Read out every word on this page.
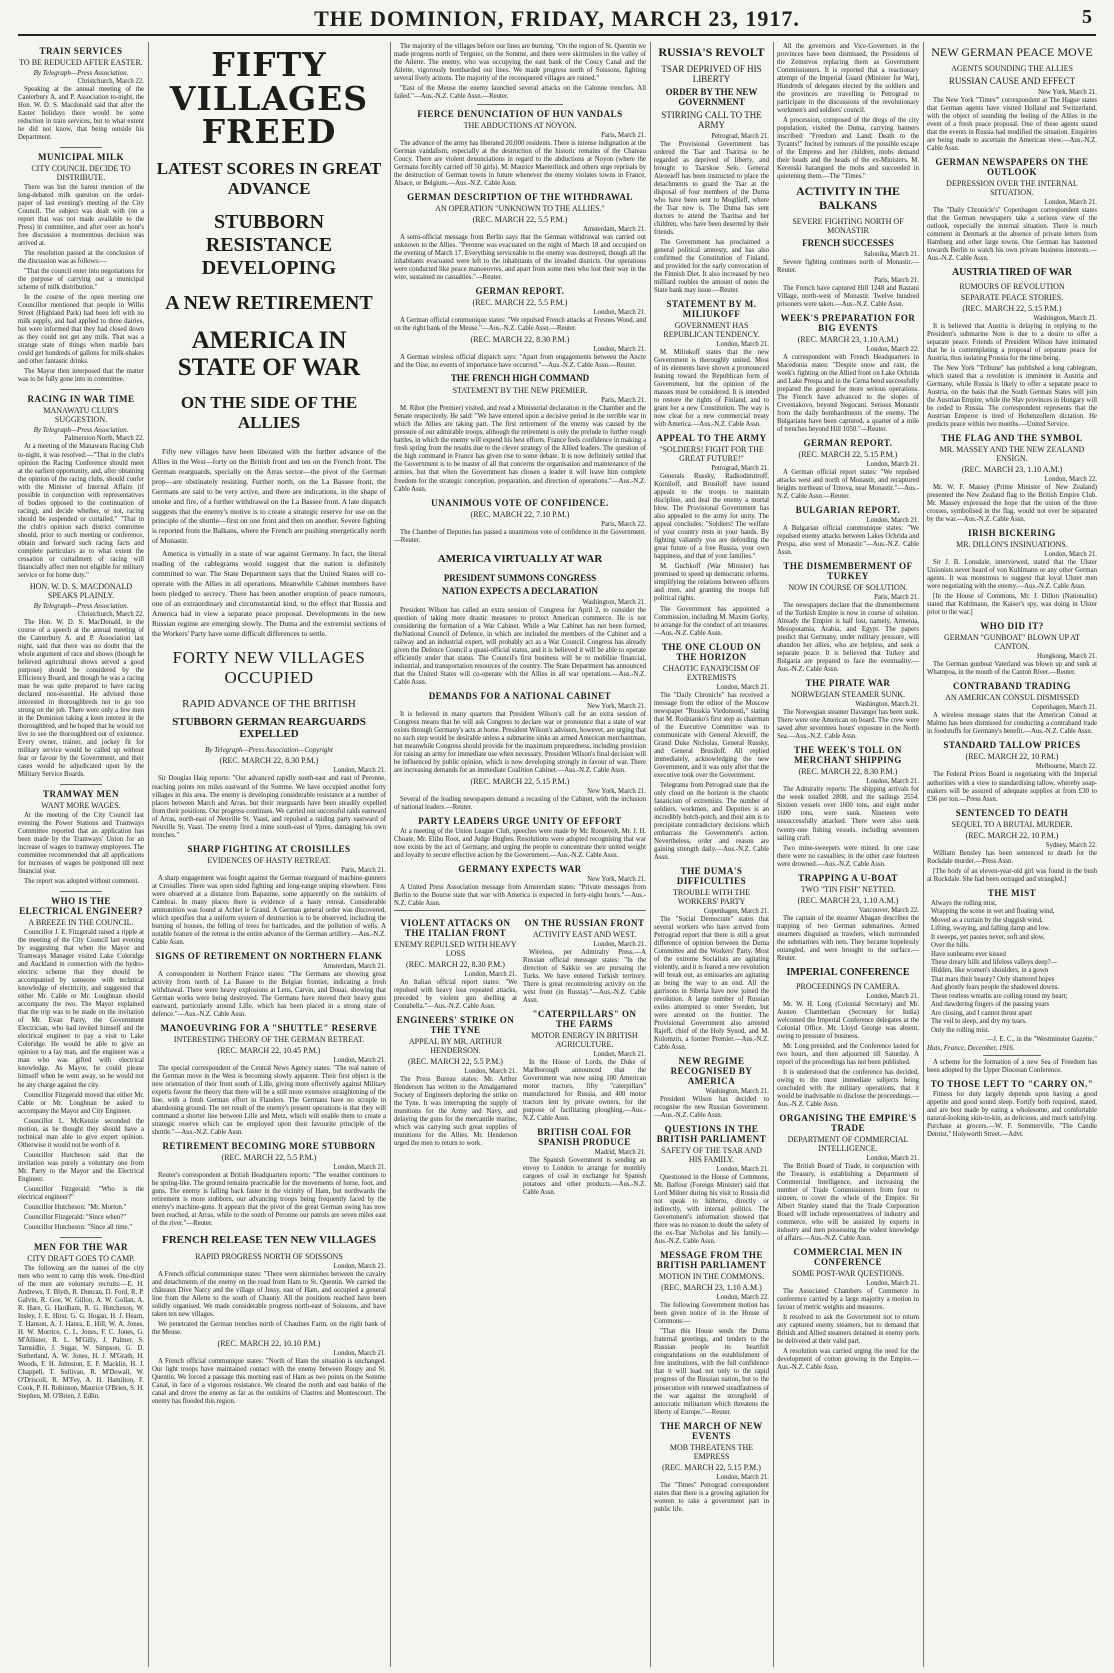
THE DOMINION, FRIDAY, MARCH 23, 1917.	5
TRAIN SERVICES
TO BE REDUCED AFTER EASTER.
By Telegraph—Press Association.
Christchurch, March 22.
Speaking at the annual meeting of the Canterbury A. and P. Association to-night, the Hon. W. D. S. Macdonald said that after the Easter holidays there would be some reduction in train services, but to what extent he did not know, that being outside his Department.
MUNICIPAL MILK
CITY COUNCIL DECIDE TO DISTRIBUTE.
There was but the barest mention of the long-debated milk question on the order-paper of last evening's meeting of the City Council. The subject was dealt with (on a report that was not made available to the Press) in committee, and after over an hour's free discussion a momentous decision was arrived at.
The resolution passed at the conclusion of the discussion was as follows:—
"That the council enter into negotiations for the purpose of carrying out a municipal scheme of milk distribution."
In the course of the open meeting one Councillor mentioned that people in Willis Street (Highland Park) had been left with no milk supply, and had applied to three dairies, but were informed that they had closed down as they could not get any milk. That was a strange state of things when marble bars could get hundreds of gallons for milk-shakes and other fantastic drinks.
The Mayor then interposed that the matter was to be fully gone into in committee.
RACING IN WAR TIME
MANAWATU CLUB'S SUGGESTION.
By Telegraph—Press Association.
Palmerston North, March 22.
At a meeting of the Manawatu Racing Club to-night, it was resolved:—"That in the club's opinion the Racing Conference should meet at the earliest opportunity, and, after obtaining the opinion of the racing clubs, should confer with the Minister of Internal Affairs (if possible in conjunction with representatives of bodies opposed to the continuation of racing), and decide whether, or not, racing should be suspended or curtailed." "That in the club's opinion each district committee should, prior to such meeting or conference, obtain and forward such racing facts and complete particulars as to what extent the cessation or curtailment of racing will financially affect men not eligible for military service or for home duty."
HON. W. D. S. MACDONALD SPEAKS PLAINLY.
By Telegraph—Press Association.
Christchurch, March 22.
The Hon. W. D. S. MacDonald, in the course of a speech at the annual meeting of the Canterbury A. and P. Association last night, said that there was no doubt that the whole argument of race and shows (though he believed agricultural shows served a good purpose) should be considered by the Efficiency Board, and though he was a racing man he was quite prepared to have racing declared non-essential. He advised those interested in thoroughbreds not to go too strong on the job. There were only a few men in the Dominion taking a keen interest in the thoroughbred, and he hoped that he would not live to see the thoroughbred out of existence. Every owner, trainer, and jockey fit for military service would be called up without fear or favour by the Government, and their cases would be adjudicated upon by the Military Service Boards.
TRAMWAY MEN
WANT MORE WAGES.
At the meeting of the City Council last evening the Power Stations and Tramways Committee reported that an application has been made by the Tramways' Union for an increase of wages to tramway employees. The committee recommended that all applications for increases of wages be postponed till next financial year.
The report was adopted without comment.
WHO IS THE ELECTRICAL ENGINEER?
A BREEZE IN THE COUNCIL.
Councillor J. E. Fitzgerald raised a ripple at the meeting of the City Council last evening by suggesting that when the Mayor and Tramways Manager visited Lake Coleridge and Auckland in connection with the hydro-electric scheme that they should be accompanied by someone with technical knowledge of electricity, and suggested that either Mr. Cable or Mr. Loughnan should accompany the two. The Mayor explained that the trip was to be made on the invitation of Mr. Evan Parry, the Government Electrician, who had invited himself and the electrical engineer to pay a visit to Lake Coleridge. He would be able to give an opinion to a lay man, and the engineer was a man who was gifted with electrical knowledge. As Mayor, he could please himself when he went away, so he would not be any charge against the city.
Councillor Fitzgerald moved that either Mr. Cable or Mr. Loughnan be asked to accompany the Mayor and City Engineer.
Councillor L. McKenzie seconded the motion, as he thought they should have a technical man able to give expert opinion. Otherwise it would not be worth of it.
Councillor Hutcheson said that the invitation was purely a voluntary one from Mr. Parry to the Mayor and the Electrical Engineer.
Councillor Fitzgerald: "Who is the electrical engineer?"
Councillor Hutcheson: "Mr. Morton."
Councillor Fitzgerald: "Since when?"
Councillor Hutcheson: "Since all time."
MEN FOR THE WAR
CITY DRAFT GOES TO CAMP.
The following are the names of the city men who went to camp this week. One-third of the men are voluntary recruits:—E. H. Andrews, T. Blyth, R. Duncan, D. Ford, R. P. Galvin, R. Goe, W. Gillon, A. W. Gollan, A. R. Hare, G. Hardham, R. G. Hutcheson, W. Insley, J. E. Hirst, G. G. Hogan, H. J. Hearn, T. Hanson, A. J. Hanra, E. Hill, W. A. Jones, H. W. Morrice, C. L. Jones, F. C. Jones, G. M'Allister, R. L. M'Gilly, J. Palmer, S. Tamsidlie, J. Sugar, W. Simpson, G. D. Sutherland, A. W. Jones, H. J. M'Grath, H. Woods, F. H. Johnston, E. F. Macklin, H. J. Chappell, T. Sullivan, R. M'Dowall, W. O'Driscoll, R. M'Fey, A. H. Hamilton, F. Cook, P. H. Robinson, Maurice O'Brien, S. H. Stephen, M. O'Brien, J. Edlin.
FIFTY VILLAGES FREED
LATEST SCORES IN GREAT ADVANCE
STUBBORN RESISTANCE DEVELOPING
A NEW RETIREMENT
AMERICA IN STATE OF WAR
ON THE SIDE OF THE ALLIES
Fifty new villages have been liberated with the further advance of the Allies in the West—forty on the British front and ten on the French front. The German rearguards, specially on the Arras sector—the pivot of the German prop—are obstinately resisting. Further north, on the La Bassee front, the Germans are said to be very active, and there are indications, in the shape of smoke and fire, of a further withdrawal on the La Bassee front. A late dispatch suggests that the enemy's motive is to create a strategic reserve for use on the principle of the shuttle—first on one front and then on another. Severe fighting is reported from the Balkans, where the French are pushing energetically north of Monastir.
America is virtually in a state of war against Germany. In fact, the literal reading of the cablegrams would suggest that the nation is definitely committed to war. The State Department says that the United States will co-operate with the Allies in all operations. Meanwhile Cabinet members have been pledged to secrecy. There has been another eruption of peace rumours, one of an extraordinary and circumstantial kind, to the effect that Russia and America had in view a separate peace proposal. Developments in the new Russian regime are emerging slowly. The Duma and the extremist sections of the Workers' Party have some difficult differences to settle.
FORTY NEW VILLAGES OCCUPIED
RAPID ADVANCE OF THE BRITISH
STUBBORN GERMAN REARGUARDS EXPELLED
By Telegraph—Press Association—Copyright
(REC. MARCH 22, 8.30 P.M.)
London, March 21.
Sir Douglas Haig reports: "Our advanced rapidly south-east and east of Peronne, reaching points ten miles eastward of the Somme. We have occupied another forty villages in this area. The enemy is developing considerable resistance at a number of places between March and Arras, but their rearguards have been steadily expelled from their positions. Our progress continues. We carried out successful raids eastward of Arras, north-east of Neuville St. Vaast, and repulsed a raiding party eastward of Neuville St. Vaast. The enemy fired a mine south-east of Ypres, damaging his own trenches."
SHARP FIGHTING AT CROISILLES
EVIDENCES OF HASTY RETREAT.
Paris, March 21.
A sharp engagement was fought against the German rearguard of machine-gunners at Croisilles. There was open sided fighting and long-range sniping elsewhere. Fires were observed at a distance from Bapaume, some apparently on the outskirts of Cambrai. In many places there is evidence of a hasty retreat. Considerable ammunition was found at Achiet le Grand. A German general order was discovered, which specifies that a uniform system of destruction is to be observed, including the burning of houses, the felling of trees for barricades, and the pollution of wells. A notable feature of the retreat is the entire advance of the German artillery.—Aus.-N.Z. Cable Assn.
SIGNS OF RETIREMENT ON NORTHERN FLANK
Amsterdam, March 21.
A correspondent in Northern France states: "The Germans are showing great activity from north of La Bassee to the Belgian frontier, indicating a fresh withdrawal. There were heavy explosions at Lens, Carvin, and Douai, showing that German works were being destroyed. The Germans have moved their heavy guns eastward, particularly around Lille, which has been placed in a strong state of defence."—Aus.-N.Z. Cable Assn.
MANOEUVRING FOR A "SHUTTLE" RESERVE
INTERESTING THEORY OF THE GERMAN RETREAT.
(REC. MARCH 22, 10.45 P.M.)
London, March 21.
The special correspondent of the Central News Agency states: "The real nature of the German move in the West is becoming slowly apparent. Their first object is the new orientation of their front south of Lille, giving more effectively against Military experts favour the theory that there will be a still more extensive straightening of the line, with a fresh German effort in Flanders. The Germans have no scruple in abandoning ground. The net result of the enemy's present operations is that they will command a shorter line between Lille and Metz, which will enable them to create a strategic reserve which can be employed upon their favourite principle of the shuttle."—Aus.-N.Z. Cable Assn.
RETIREMENT BECOMING MORE STUBBORN
(REC. MARCH 22, 5.5 P.M.)
London, March 21.
Reuter's correspondent at British Headquarters reports: "The weather continues to be spring-like. The ground remains practicable for the movements of horse, foot, and guns. The enemy is falling back faster in the vicinity of Ham, but northwards the retirement is more stubborn, our advancing troops being frequently faced by the enemy's machine-guns. It appears that the pivot of the great German swing has now been reached, at Arras, while to the south of Peronne our patrols are seven miles east of the river."—Reuter.
FRENCH RELEASE TEN NEW VILLAGES
RAPID PROGRESS NORTH OF SOISSONS
London, March 21.
A French official communique states: "There were skirmishes between the cavalry and detachments of the enemy on the road from Ham to St. Quentin. We carried the châteaux Dive Narcy and the village of Jussy, east of Ham, and occupied a general line from the Ailette to the south of Chauny. All the positions reached have been solidly organised. We made considerable progress north-east of Soissons, and have taken ten new villages.
We penetrated the German trenches north of Chaulnes Farm, on the right bank of the Meuse.
(REC. MARCH 22, 10.10 P.M.)
London, March 21.
A French official communique states: "North of Ham the situation is unchanged. Our light troops have maintained contact with the enemy between Roupy and St. Quentin. We forced a passage this morning east of Ham as two points on the Somme Canal, in face of a vigorous resistance. We cleared the north and east banks of the canal and drove the enemy as far as the outskirts of Clastres and Montescourt. The enemy has flooded this region.
The majority of the villages before our lines are burning. "On the region of St. Quentin we made progress north of Tergnier, on the Somme, and there were skirmishes in the valley of the Ailette. The enemy, who was occupying the east bank of the Coucy Canal and the Ailette, vigorously bombarded our lines. We made progress north of Soissons, fighting several lively actions. The majority of the reconquered villages are ruined."
"East of the Meuse the enemy launched several attacks on the Calonne trenches. All failed."—Aus.-N.Z. Cable Assn.—Reuter.
FIERCE DENUNCIATION OF HUN VANDALS
THE ABDUCTIONS AT NOYON.
Paris, March 21.
The advance of the army has liberated 20,000 residents. There is intense indignation at the German vandalism, especially at the destruction of the historic remains of the Chateau Coucy. There are violent denunciations in regard to the abductions at Noyon (where the Germans forcibly carried off 50 girls). M. Maurice Maeterlinck and others urge reprisals by the destruction of German towns in future whenever the enemy violates towns in France, Alsace, or Belgium.—Aus.-N.Z. Cable Assn.
GERMAN DESCRIPTION OF THE WITHDRAWAL
AN OPERATION "UNKNOWN TO THE ALLIES."
(REC. MARCH 22, 5.5 P.M.)
Amsterdam, March 21.
A semi-official message from Berlin says that the German withdrawal was carried out unknown to the Allies. "Peronne was evacuated on the night of March 18 and occupied on the evening of March 17. Everything serviceable to the enemy was destroyed, though all the inhabitants evacuated were left to the inhabitants of the invaded districts. Our operations were conducted like peace manoeuvres, and apart from some men who lost their way in the wire, sustained no casualties."—Reuter.
GERMAN REPORT.
(REC. MARCH 22, 5.5 P.M.)
London, March 21.
A German official communique states: "We repulsed French attacks at Fresnes Wood, and on the right bank of the Meuse."—Aus.-N.Z. Cable Assn.—Reuter.
(REC. MARCH 22, 8.30 P.M.)
London, March 21.
A German wireless official dispatch says: "Apart from engagements between the Ancre and the Oise, no events of importance have occurred."—Aus.-N.Z. Cable Assn.—Reuter.
THE FRENCH HIGH COMMAND
STATEMENT BY THE NEW PREMIER.
Paris, March 21.
M. Ribot (the Premier) visited, and read a Ministerial declaration in the Chamber and the Senate respectively. He said: "We have entered upon a decisive period in the terrible war in which the Allies are taking part. The first retirement of the enemy was caused by the pressure of our admirable troops, although the retirement is only the prelude to further rough battles, in which the enemy will expend his best efforts. France feels confidence in making a fresh spring from the results due to the clever strategy of the Allied leaders. The question of the high command in France has given rise to some debate. It is now definitely settled that the Government is to be master of all that concerns the organisation and maintenance of the armies, but that when the Government has chosen a leader it will leave him complete freedom for the strategic conception, preparation, and direction of operations."—Aus.-N.Z. Cable Assn.
UNANIMOUS VOTE OF CONFIDENCE.
(REC. MARCH 22, 7.10 P.M.)
Paris, March 22.
The Chamber of Deputies has passed a unanimous vote of confidence in the Government.—Reuter.
AMERICA VIRTUALLY AT WAR
PRESIDENT SUMMONS CONGRESS
NATION EXPECTS A DECLARATION
Washington, March 21.
President Wilson has called an extra session of Congress for April 2, to consider the question of taking more drastic measures to protect American commerce. He is not considering the formation of a War Cabinet. While a War Cabinet has not been formed, theNational Council of Defence, in which are included the members of the Cabinet and a railway and an industrial expert, will probably act as a War Council. Congress has already given the Defence Council a quasi-official status, and it is believed it will be able to operate efficiently under that status. The Council's first business will be to mobilise financial, industrial, and transportation resources of the country. The State Department has announced that the United States will co-operate with the Allies in all war operations.—Aus.-N.Z. Cable Assn.
DEMANDS FOR A NATIONAL CABINET
New York, March 21.
It is believed in many quarters that President Wilson's call for an extra session of Congress means that he will ask Congress to declare war or pronounce that a state of war exists through Germany's acts at home. President Wilson's advisers, however, are urging that no such step would be desirable unless a submarine sinks an armed American merchantman, but meanwhile Congress should provide for the maximum preparedness, including provision for raising an army for immediate use when necessary. President Wilson's final decision will be influenced by public opinion, which is now developing strongly in favour of war. There are increasing demands for an immediate Coalition Cabinet.—Aus.-N.Z. Cable Assn.
(REC. MARCH 22, 5.15 P.M.)
New York, March 21.
Several of the leading newspapers demand a recasting of the Cabinet, with the inclusion of national leaders.—Reuter.
PARTY LEADERS URGE UNITY OF EFFORT
At a meeting of the Union League Club, speeches were made by Mr. Roosevelt, Mr. J. H. Choate, Mr. Elihu Root, and Judge Hughes. Resolutions were adopted recognising that war now exists by the act of Germany, and urging the people to concentrate their united weight and loyalty to secure effective action by the Government.—Aus.-N.Z. Cable Assn.
GERMANY EXPECTS WAR
New York, March 21.
A United Press Association message from Amsterdam states: "Private messages from Berlin to the Bourse state that war with America is expected in forty-eight hours."—Aus.-N.Z. Cable Assn.
VIOLENT ATTACKS ON THE ITALIAN FRONT
ENEMY REPULSED WITH HEAVY LOSS
(REC. MARCH 22, 8.30 P.M.)
London, March 21.
An Italian official report states: "We repulsed with heavy loss repeated attacks, preceded by violent gun shelling at Costabella."—Aus.-N.Z. Cable Assn.
ENGINEERS' STRIKE ON THE TYNE
APPEAL BY MR. ARTHUR HENDERSON.
(REC. MARCH 22, 5.5 P.M.)
London, March 21.
The Press Bureau states: Mr. Arthur Henderson has written to the Amalgamated Society of Engineers deploring the strike on the Tyne. It was interrupting the supply of munitions for the Army and Navy, and delaying the guns for the mercantile marine, which was carrying such great supplies of munitions for the Allies. Mr. Henderson urged the men to return to work.
ON THE RUSSIAN FRONT
ACTIVITY EAST AND WEST.
London, March 21.
Wireless, per Admiralty Press.—A Russian official message states: "In the direction of Sakkiz we are pursuing the Turks. We have entered Turkish territory. There is great reconnoitring activity on the west front (in Russia)."—Aus.-N.Z. Cable Assn.
"CATERPILLARS" ON THE FARMS
MOTOR ENERGY IN BRITISH AGRICULTURE.
London, March 21.
In the House of Lords, the Duke of Marlborough announced that the Government was now using 100 American motor tractors, fifty "caterpillars" manufactured for Russia, and 400 motor tractors lent by private owners, for the purpose of facilitating ploughing.—Aus.-N.Z. Cable Assn.
BRITISH COAL FOR SPANISH PRODUCE
Madrid, March 21.
The Spanish Government is sending an envoy to London to arrange for monthly cargoes of coal in exchange for Spanish potatoes and other products.—Aus.-N.Z. Cable Assn.
RUSSIA'S REVOLT
TSAR DEPRIVED OF HIS LIBERTY
ORDER BY THE NEW GOVERNMENT
STIRRING CALL TO THE ARMY
Petrograd, March 21.
The Provisional Government has ordered the Tsar and Tsaritsa to be regarded as deprived of liberty, and brought to Tsarskoe Selo. General Alexeieff has been instructed to place the detachments to guard the Tsar at the disposal of four members of the Duma who have been sent to Mogilieff, where the Tsar now is. The Duma has sent doctors to attend the Tsaritsa and her children, who have been deserted by their friends.
The Government has proclaimed a general political amnesty, and has also confirmed the Constitution of Finland, and provided for the early convocation of the Finnish Diet. It also increased by two milliard roubles the amount of notes the State bank may issue.—Reuter.
STATEMENT BY M. MILIUKOFF
GOVERNMENT HAS REPUBLICAN TENDENCY.
London, March 21.
M. Miliukoff states that the new Government is thoroughly united. Most of its elements have shown a pronounced leaning toward the Republican form of Government, but the opinion of the masses must be considered. It is intended to restore the rights of Finland, and to grant her a new Constitution. The way is now clear for a new commercial treaty with America.—Aus.-N.Z. Cable Assn.
APPEAL TO THE ARMY
"SOLDIERS! FIGHT FOR THE GREAT FUTURE!"
Petrograd, March 21.
Generals Russky, Radkodimitroff, Korniloff, and Brusiloff have issued appeals to the troops to maintain discipline, and deal the enemy a mortal blow. The Provisional Government has also appealed to the army for unity. The appeal concludes: "Soldiers! The welfare of your country rests in your hands. By fighting valiantly you are defending the great future of a free Russia, your own happiness, and that of your families."
M. Guchkoff (War Minister) has promised to speed up democratic reforms, simplifying the relations between officers and men, and granting the troops full political rights.
The Government has appointed a Commission, including M. Maxim Gorky, to arrange for the conduct of art treasures.—Aus.-N.Z. Cable Assn.
THE ONE CLOUD ON THE HORIZON
CHAOTIC FANATICISM OF EXTREMISTS
London, March 21.
The "Daily Chronicle" has received a message from the editor of the Moscow newspaper "Russkia Viedomosti," stating that M. Rodzianko's first step as chairman of the Executive Committee was to communicate with General Alexeiff, the Grand Duke Nicholas, General Russky, and General Brusiloff. All replied immediately, acknowledging the new Government, and it was only after that the executive took over the Government.
Telegrams from Petrograd state that the only cloud on the horizon is the chaotic fanaticism of extremists. The number of soldiers, workmen, and Deputies is an incredibly hotch-potch, and their aim is to precipitate contradictory decisions which embarrass the Government's action. Nevertheless, order and reason are gaining strength daily.—Aus.-N.Z. Cable Assn.
THE DUMA'S DIFFICULTIES
TROUBLE WITH THE WORKERS' PARTY
Copenhagen, March 21.
The "Social Democrate" states that several workers who have arrived from Petrograd report that there is still a great difference of opinion between the Duma Committee and the Workers' Party. Most of the extreme Socialists are agitating violently, and it is feared a new revolution will break out, as emissaries are agitating as being the way to an end. All the garrisons in Siberia have now joined the revolution. A large number of Russian exiles attempted to enter Sweden, but were arrested on the frontier. The Provisional Government also arrested Rajeff, chief of the Holy Synod, and M. Kulomzin, a former Premier.—Aus.-N.Z. Cable Assn.
NEW REGIME RECOGNISED BY AMERICA
Washington, March 21.
President Wilson has decided to recognise the new Russian Government.—Aus.-N.Z. Cable Assn.
QUESTIONS IN THE BRITISH PARLIAMENT
SAFETY OF THE TSAR AND HIS FAMILY.
London, March 21.
Questioned in the House of Commons, Mr. Balfour (Foreign Minister) said that Lord Milner during his visit to Russia did not speak to hitherto, directly or indirectly, with internal politics. The Government's information showed that there was no reason to doubt the safety of the ex-Tsar Nicholas and his family.—Aus.-N.Z. Cable Assn.
MESSAGE FROM THE BRITISH PARLIAMENT
MOTION IN THE COMMONS.
(REC. MARCH 23, 1.10 A.M.)
London, March 22.
The following Government motion has been given notice of in the House of Commons:—
"That this House sends the Duma fraternal greetings, and tenders to the Russian people its heartfelt congratulations on the establishment of free institutions, with the full confidence that it will lead not only to the rapid progress of the Russian nation, but to the prosecution with renewed steadfastness of the war against the stronghold of autocratic militarism which threatens the liberty of Europe."—Reuter.
THE MARCH OF NEW EVENTS
MOB THREATENS THE EMPRESS
(REC. MARCH 22, 5.15 P.M.)
London, March 21.
The "Times" Petrograd correspondent states that there is a growing agitation for women to take a government part in public life.
All the governors and Vice-Governors in the provinces have been dismissed, the Presidents of the Zemstvos replacing them as Government Commissioners. It is reported that a reactionary attempt of the Imperial Guard (Minister for War), Hundreds of delegates elected by the soldiers and the provinces are travelling to Petrograd to participate in the discussions of the revolutionary workmen's and soldiers' council.
A procession, composed of the dregs of the city population, visited the Duma, carrying banners inscribed: "Freedom and Land; Death to the Tyrants!" Incited by rumours of the possible escape of the Empress and her children, mobs demand their heads and the heads of the ex-Ministers. M. Kerenski harangued the mobs and succeeded in quietening them.—The "Times."
ACTIVITY IN THE BALKANS
SEVERE FIGHTING NORTH OF MONASTIR
FRENCH SUCCESSES
Salonika, March 21.
Severe fighting continues north of Monastir.—Reuter.
Paris, March 21.
The French have captured Hill 1248 and Rastani Village, north-west of Monastir. Twelve hundred prisoners were taken.—Aus.-N.Z. Cable Assn.
WEEK'S PREPARATION FOR BIG EVENTS
(REC. MARCH 23, 1.10 A.M.)
London, March 22.
A correspondent with French Headquarters in Macedonia states: "Despite snow and rain, the week's fighting on the Allied front on Lake Ochrida and Lake Prespa and in the Cerna bend successfully prepared the ground for more serious operations. The French have advanced to the slopes of Crveniakovo, beyond Negocani. Serious Monastir from the daily bombardments of the enemy. The Bulgarians have been captured, a quarter of a mile of trenches beyond Hill 1050."—Reuter.
GERMAN REPORT.
(REC. MARCH 22, 5.15 P.M.)
London, March 21.
A German official report states: "We repulsed attacks west and north of Monastir, and recaptured heights northeast of Trnova, near Monastir."—Aus.-N.Z. Cable Assn.—Reuter.
BULGARIAN REPORT.
London, March 21.
A Bulgarian official communique states: "We repulsed enemy attacks between Lakes Ochrida and Prespa, also west of Monastir."—Aus.-N.Z. Cable Assn.
THE DISMEMBERMENT OF TURKEY
NOW IN COURSE OF SOLUTION.
Paris, March 21.
The newspapers declare that the dismemberment of the Turkish Empire is now in course of solution. Already the Empire is half lost, namely, Armenia, Mesopotamia, Arabia, and Egypt. The papers predict that Germany, under military pressure, will abandon her allies, who are helpless, and seek a separate peace. It is believed that Turkey and Bulgaria are prepared to face the eventuality.—Aus.-N.Z. Cable Assn.
THE PIRATE WAR
NORWEGIAN STEAMER SUNK.
Washington, March 21.
The Norwegian steamer Davanger has been sunk. There were one American on board. The crew were saved after seventeen hours' exposure in the North Sea.—Aus.-N.Z. Cable Assn.
THE WEEK'S TOLL ON MERCHANT SHIPPING
(REC. MARCH 22, 8.30 P.M.)
London, March 21.
The Admiralty reports: The shipping arrivals for the week totalled 2808, and the sailings 2554. Sixteen vessels over 1600 tons, and eight under 1600 tons, were sunk. Nineteen were unsuccessfully attacked. There were also sunk twenty-one fishing vessels, including seventeen sailing craft.
Two mine-sweepers were mined. In one case there were no casualties; in the other case fourteen were drowned.—Aus.-N.Z. Cable Assn.
TRAPPING A U-BOAT
TWO "TIN FISH" NETTED.
(REC. MARCH 23, 1.10 A.M.)
Vancouver, March 22.
The captain of the steamer Abagan describes the trapping of two German submarines. Armed steamers disguised as trawlers, which surrounded the submarines with nets. They became hopelessly entangled, and were brought to the surface.—Reuter.
IMPERIAL CONFERENCE
PROCEEDINGS IN CAMERA.
London, March 21.
Mr. W. H. Long (Colonial Secretary) and Mr. Austen Chamberlain (Secretary for India) welcomed the Imperial Conference delegates at the Colonial Office. Mr. Lloyd George was absent, owing to pressure of business.
Mr. Long presided, and the Conference lasted for two hours, and then adjourned till Saturday. A report of the proceedings has not been published.
It is understood that the conference has decided, owing to the most immediate subjects being concluded with the military operations, that it would be inadvisable to disclose the proceedings.—Aus.-N.Z. Cable Assn.
ORGANISING THE EMPIRE'S TRADE
DEPARTMENT OF COMMERCIAL INTELLIGENCE.
London, March 21.
The British Board of Trade, in conjunction with the Treasury, is establishing a Department of Commercial Intelligence, and increasing the number of Trade Commissioners from four to sixteen, to cover the whole of the Empire. Sir Albert Stanley stated that the Trade Corporation Board will include representatives of industry and commerce, who will be assisted by experts in industry and men possessing the widest knowledge of affairs.—Aus.-N.Z. Cable Assn.
COMMERCIAL MEN IN CONFERENCE
SOME POST-WAR QUESTIONS.
London, March 21.
The Associated Chambers of Commerce in conference carried by a large majority a motion in favour of metric weights and measures.
It resolved to ask the Government not to return any captured enemy steamers, but to demand that British and Allied steamers detained in enemy ports be delivered at their valid part.
A resolution was carried urging the need for the development of cotton growing in the Empire.—Aus.-N.Z. Cable Assn.
NEW GERMAN PEACE MOVE
AGENTS SOUNDING THE ALLIES
RUSSIAN CAUSE AND EFFECT
New York, March 21.
The New York "Times'" correspondent at The Hague states that German agents have visited Holland and Switzerland, with the object of sounding the feeling of the Allies in the event of a fresh peace proposal. One of these agents stated that the events in Russia had modified the situation. Enquiries are being made to ascertain the American view.—Aus.-N.Z. Cable Assn.
GERMAN NEWSPAPERS ON THE OUTLOOK
DEPRESSION OVER THE INTERNAL SITUATION.
London, March 21.
The "Daily Chronicle's" Copenhagen correspondent states that the German newspapers take a serious view of the outlook, especially the internal situation. There is much comment in Denmark at the absence of private letters from Hamburg and other large towns. One German has hastened towards Berlin to watch his own private business interests.—Aus.-N.Z. Cable Assn.
AUSTRIA TIRED OF WAR
RUMOURS OF REVOLUTION
SEPARATE PEACE STORIES.
(REC. MARCH 22, 5.15 P.M.)
Washington, March 21.
It is believed that Austria is delaying in replying to the President's submarine Note is due to a desire to offer a separate peace. Friends of President Wilson have intimated that he is contemplating a proposal of separate peace for Austria, thus isolating Prussia for the time being.
The New York "Tribune" has published a long cablegram, which stated that a revolution is imminent in Austria and Germany, while Russia is likely to offer a separate peace to Austria, on the basis that the South German States will join the Austrian Empire, while the Slav provinces in Hungary will be ceded to Russia. The correspondent represents that the Austrian Emperor is tired of Hohenzollern dictation. He predicts peace within two months.—United Service.
THE FLAG AND THE SYMBOL
MR. MASSEY AND THE NEW ZEALAND ENSIGN.
(REC. MARCH 23, 1.10 A.M.)
London, March 22.
Mr. W. F. Massey (Prime Minister of New Zealand) presented the New Zealand flag to the British Empire Club. Mr. Massey expressed the hope that the union of the three crosses, symbolised in the flag, would not ever be separated by the war.—Aus.-N.Z. Cable Assn.
IRISH BICKERING
MR. DILLON'S INSINUATIONS.
London, March 21.
Sir J. B. Lonsdale, interviewed, stated that the Ulster Unionists never heard of von Kuhlmann or any other German agents. It was monstrous to suggest that loyal Ulster men were negotiating with the enemy.—Aus.-N.Z. Cable Assn.
[In the House of Commons, Mr. J. Dillon (Nationalist) stated that Kuhlmann, the Kaiser's spy, was doing in Ulster prior to the war.]
WHO DID IT?
GERMAN "GUNBOAT" BLOWN UP AT CANTON.
Hongkong, March 21.
The German gunboat Vaterland was blown up and sunk at Whampoa, in the mouth of the Canton River.—Reuter.
CONTRABAND TRADING
AN AMERICAN CONSUL DISMISSED
Copenhagen, March 21.
A wireless message states that the American Consul at Malmo has been dismissed for conducting a contraband trade in foodstuffs for Germany's benefit.—Aus.-N.Z. Cable Assn.
STANDARD TALLOW PRICES
(REC. MARCH 22, 10 P.M.)
Melbourne, March 22.
The Federal Prices Board is negotiating with the Imperial authorities with a view to standardising tallow, whereby soap-makers will be assured of adequate supplies at from £30 to £36 per ton.—Press Assn.
SENTENCED TO DEATH
SEQUEL TO A BRUTAL MURDER.
(REC. MARCH 22, 10 P.M.)
Sydney, March 22.
William Bensley has been sentenced to death for the Rockdale murder.—Press Assn.
[The body of an eleven-year-old girl was found in the bush at Rockdale. She had been outraged and strangled.]
THE MIST
Always the rolling mist,
Wrapping the scene in wet and floating wind,
Moved as a curtain by the sluggish wind,
Lifting, swaying, and falling damp and low.
It sweeps, yet passes never, soft and slow,
Over the hills.
Have sunbeams ever kissed
These dreary hills and lifeless valleys deep?—
Hidden, like women's shoulders, in a gown
That mars their beauty? Only shattered hopes
And ghostly fears people the shadowed downs.
These restless wreaths are coiling round my heart;
And dawdering fingers of the passing years
Are closing, and I cannot thrust apart
The veil to sleep, and dry my tears.
Only the rolling mist.
—J. E. C., in the "Westminster Gazette."
Huts, France, December, 1916.
A scheme for the formation of a new Sea of Freedom has been adopted by the Upper Diocesan Conference.
TO THOSE LEFT TO "CARRY ON."
Fitness for duty largely depends upon having a good appetite and good sound sleep. Fortify both required, stated, and are best made by eating a wholesome, and comfortable natural-looking skin-to-kin, as delicious, and much satisfying. Purchase at grocers.—W. F. Sommerville, "The Candle Dentist," Holyworth Street.—Advt.
